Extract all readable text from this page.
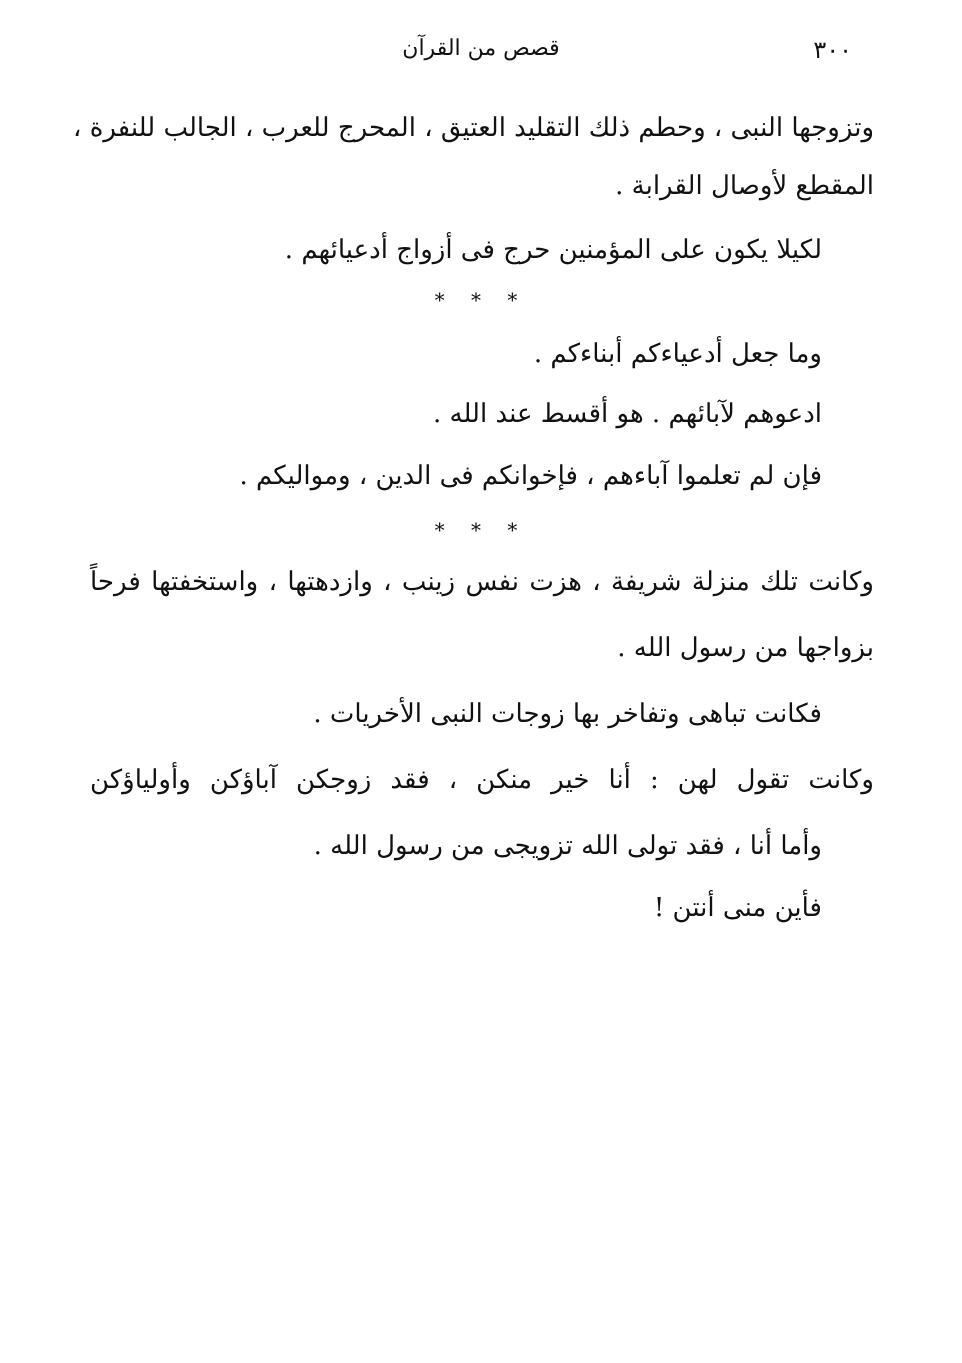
قصص من القرآن	٣٠٠
وتزوجها النبى ، وحطم ذلك التقليد العتيق ، المحرج للعرب ، الجالب للنفرة ،
المقطع لأوصال القرابة .
لكيلا يكون على المؤمنين حرج فى أزواج أدعيائهم .
* * *
وما جعل أدعياءكم أبناءكم .
ادعوهم لآبائهم . هو أقسط عند الله .
فإن لم تعلموا آباءهم ، فإخوانكم فى الدين ، ومواليكم .
* * *
وكانت تلك منزلة شريفة ، هزت نفس زينب ، وازدهتها ، واستخفتها فرحاً
بزواجها من رسول الله .
فكانت تباهى وتفاخر بها زوجات النبى الأخريات .
وكانت تقول لهن : أنا خير منكن ، فقد زوجكن آباؤكن وأولياؤكن
وأما أنا ، فقد تولى الله تزويجى من رسول الله .
فأين منى أنتن !
